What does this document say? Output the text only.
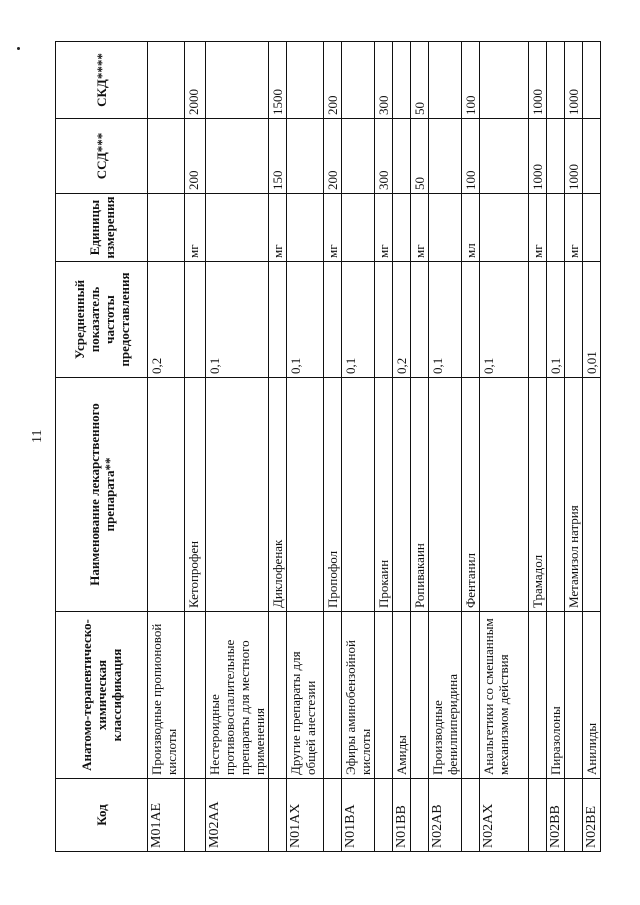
11
Код	Анатомо-терапевтическо-химическая классификация	Наименование лекарственного препарата**	Усредненный показатель частоты предоставления	Единицы измерения	ССД***	СКД****
M01AE	Производные пропионовой кислоты		0,2			
		Кетопрофен		мг	200	2000
M02AA	Нестероидные противовоспалительные препараты для местного применения		0,1			
		Диклофенак		мг	150	1500
N01AX	Другие препараты для общей анестезии		0,1			
		Пропофол		мг	200	200
N01BA	Эфиры аминобензойной кислоты		0,1			
		Прокаин		мг	300	300
N01BB	Амиды		0,2			
		Ропивакаин		мг	50	50
N02AB	Производные фенилпиперидина		0,1			
		Фентанил		мл	100	100
N02AX	Анальгетики со смешанным механизмом действия		0,1			
		Трамадол		мг	1000	1000
N02BB	Пиразолоны		0,1			
		Метамизол натрия		мг	1000	1000
N02BE	Анилиды		0,01			
